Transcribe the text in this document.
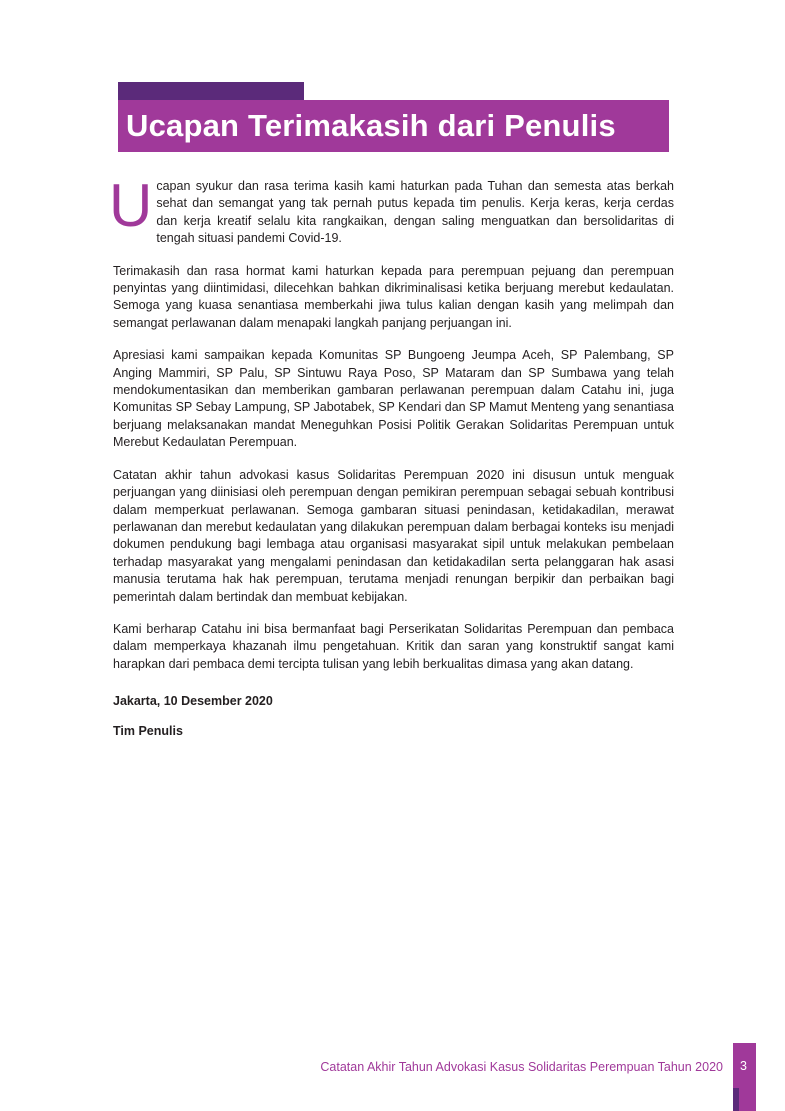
Ucapan Terimakasih dari Penulis

Ucapan syukur dan rasa terima kasih kami haturkan pada Tuhan dan semesta atas berkah sehat dan semangat yang tak pernah putus kepada tim penulis. Kerja keras, kerja cerdas dan kerja kreatif selalu kita rangkaikan, dengan saling menguatkan dan bersolidaritas di tengah situasi pandemi Covid-19.

Terimakasih dan rasa hormat kami haturkan kepada para perempuan pejuang dan perempuan penyintas yang diintimidasi, dilecehkan bahkan dikriminalisasi ketika berjuang merebut kedaulatan. Semoga yang kuasa senantiasa memberkahi jiwa tulus kalian dengan kasih yang melimpah dan semangat perlawanan dalam menapaki langkah panjang perjuangan ini.

Apresiasi kami sampaikan kepada Komunitas SP Bungoeng Jeumpa Aceh, SP Palembang, SP Anging Mammiri, SP Palu, SP Sintuwu Raya Poso, SP Mataram dan SP Sumbawa yang telah mendokumentasikan dan memberikan gambaran perlawanan perempuan dalam Catahu ini, juga Komunitas SP Sebay Lampung, SP Jabotabek, SP Kendari dan SP Mamut Menteng yang senantiasa berjuang melaksanakan mandat Meneguhkan Posisi Politik Gerakan Solidaritas Perempuan untuk Merebut Kedaulatan Perempuan.

Catatan akhir tahun advokasi kasus Solidaritas Perempuan 2020 ini disusun untuk menguak perjuangan yang diinisiasi oleh perempuan dengan pemikiran perempuan sebagai sebuah kontribusi dalam memperkuat perlawanan. Semoga gambaran situasi penindasan, ketidakadilan, merawat perlawanan dan merebut kedaulatan yang dilakukan perempuan dalam berbagai konteks isu menjadi dokumen pendukung bagi lembaga atau organisasi masyarakat sipil untuk melakukan pembelaan terhadap masyarakat yang mengalami penindasan dan ketidakadilan serta pelanggaran hak asasi manusia terutama hak hak perempuan, terutama menjadi renungan berpikir dan perbaikan bagi pemerintah dalam bertindak dan membuat kebijakan.

Kami berharap Catahu ini bisa bermanfaat bagi Perserikatan Solidaritas Perempuan dan pembaca dalam memperkaya khazanah ilmu pengetahuan. Kritik dan saran yang konstruktif sangat kami harapkan dari pembaca demi tercipta tulisan yang lebih berkualitas dimasa yang akan datang.

Jakarta, 10 Desember 2020
Tim Penulis
Catatan Akhir Tahun Advokasi Kasus Solidaritas Perempuan Tahun 2020 3
